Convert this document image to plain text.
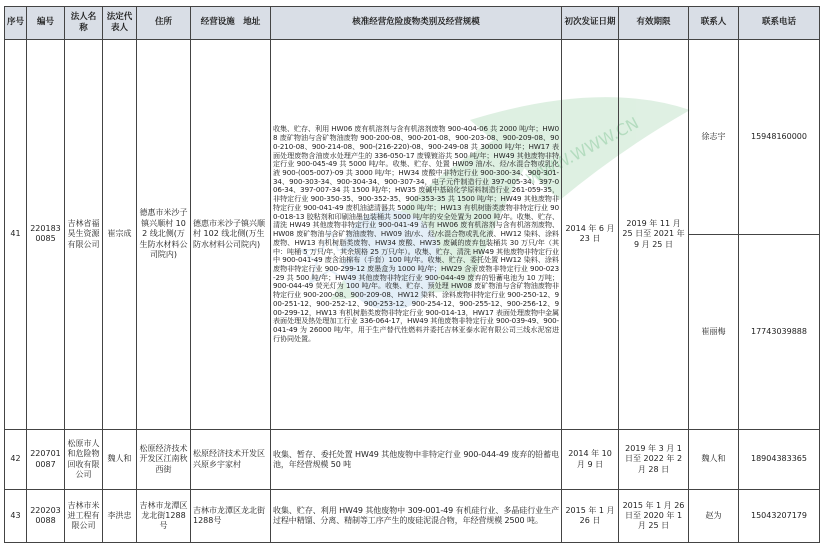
WWW.WWW.CN
序号	编号	法人名称	法定代表人	住所	经营设施　地址	核准经营危险废物类别及经营规模	初次发证日期	有效期限	联系人	联系电话
41	2201830085	吉林省福昊生资源有限公司	崔宗成	德惠市米沙子镇兴顺村 102 线北侧(万生防水材料公司院内)	德惠市米沙子镇兴顺村 102 线北侧(万生防水材料公司院内)	收集、贮存、利用 HW06 废有机溶剂与含有机溶剂废物 900-404-06 共 2000 吨/年；HW08 废矿物油与含矿物油废物 900-200-08、900-201-08、900-203-08、900-209-08、900-210-08、900-214-08、900-(216-220)-08、900-249-08 共 30000 吨/年；HW17 表面处理废物含油废水处理产生的 336-050-17 废镍镀浴共 500 吨/年；HW49 其他废物非特定行业 900-045-49 共 5000 吨/年。收集、贮存、处置 HW09 油/水、烃/水混合物或乳化液 900-(005-007)-09 共 3000 吨/年；HW34 废酸中非特定行业 900-300-34、900-301-34、900-303-34、900-304-34、900-307-34，电子元件制造行业 397-005-34、397-006-34、397-007-34 共 1500 吨/年；HW35 废碱中基础化学原料制造行业 261-059-35，非特定行业 900-350-35、900-352-35、900-353-35 共 1500 吨/年；HW49 其他废物非特定行业 900-041-49 废机油滤清器共 5000 吨/年；HW13 有机树脂类废物非特定行业 900-018-13 胶粘剂和印刷油墨包装桶共 5000 吨/年的安全处置为 2000 吨/年。收集、贮存、清洗 HW49 其他废物非特定行业 900-041-49 沾有 HW06 废有机溶剂与含有机溶剂废物、HW08 废矿物油与含矿物油废物、HW09 油/水、烃/水混合物或乳化液、HW12 染料、涂料废物、HW13 有机树脂类废物、HW34 废酸、HW35 废碱的废弃包装桶共 30 万只/年（其中：吨桶 5 万只/年，其余规格 25 万只/年）。收集、贮存、清洗 HW49 其他废物非特定行业中 900-041-49 废含油棉布（手套）100 吨/年。收集、贮存、委托处置 HW12 染料、涂料废物非特定行业 900-299-12 废墨盒为 1000 吨/年；HW29 含汞废物非特定行业 900-023-29 共 500 吨/年；HW49 其他废物非特定行业 900-044-49 废弃的铅蓄电池为 10 万吨；900-044-49 荧光灯为 100 吨/年。收集、贮存、预处理 HW08 废矿物油与含矿物油废物非特定行业 900-200-08、900-209-08、HW12 染料、涂料废物非特定行业 900-250-12、900-251-12、900-252-12、900-253-12、900-254-12、900-255-12、900-256-12、900-299-12，HW13 有机树脂类废物非特定行业 900-014-13，HW17 表面处理废物中金属表面处理及热处理加工行业 336-064-17，HW49 其他废物非特定行业 900-039-49、900-041-49 为 26000 吨/年，用于生产替代性燃料并委托吉林亚泰水泥有限公司三线水泥窑进行协同处置。	2014 年 6 月 23 日	2019 年 11 月 25 日至 2021 年 9 月 25 日	徐志宇	15948160000
									崔丽梅	17743039888
42	2207010087	松原市人和危险物回收有限公司	魏人和	松原经济技术开发区江南秋西街	松原经济技术开发区兴原乡宇家村	收集、暂存、委托处置 HW49 其他废物中非特定行业 900-044-49 废弃的铅蓄电池，年经营规模 50 吨	2014 年 10 月 9 日	2019 年 3 月 1 日至 2022 年 2 月 28 日	魏人和	18904383365
43	2202030088	吉林市米进工程有限公司	李洪忠	吉林市龙潭区龙北街1288号	吉林市龙潭区龙北街1288号	收集、贮存、利用 HW49 其他废物中 309-001-49 有机硅行业、多晶硅行业生产过程中精馏、分离、精制等工序产生的废硅泥混合物，年经营规模 2500 吨。	2015 年 1 月 26 日	2015 年 1 月 26 日至 2020 年 1 月 25 日	赵为	15043207179
